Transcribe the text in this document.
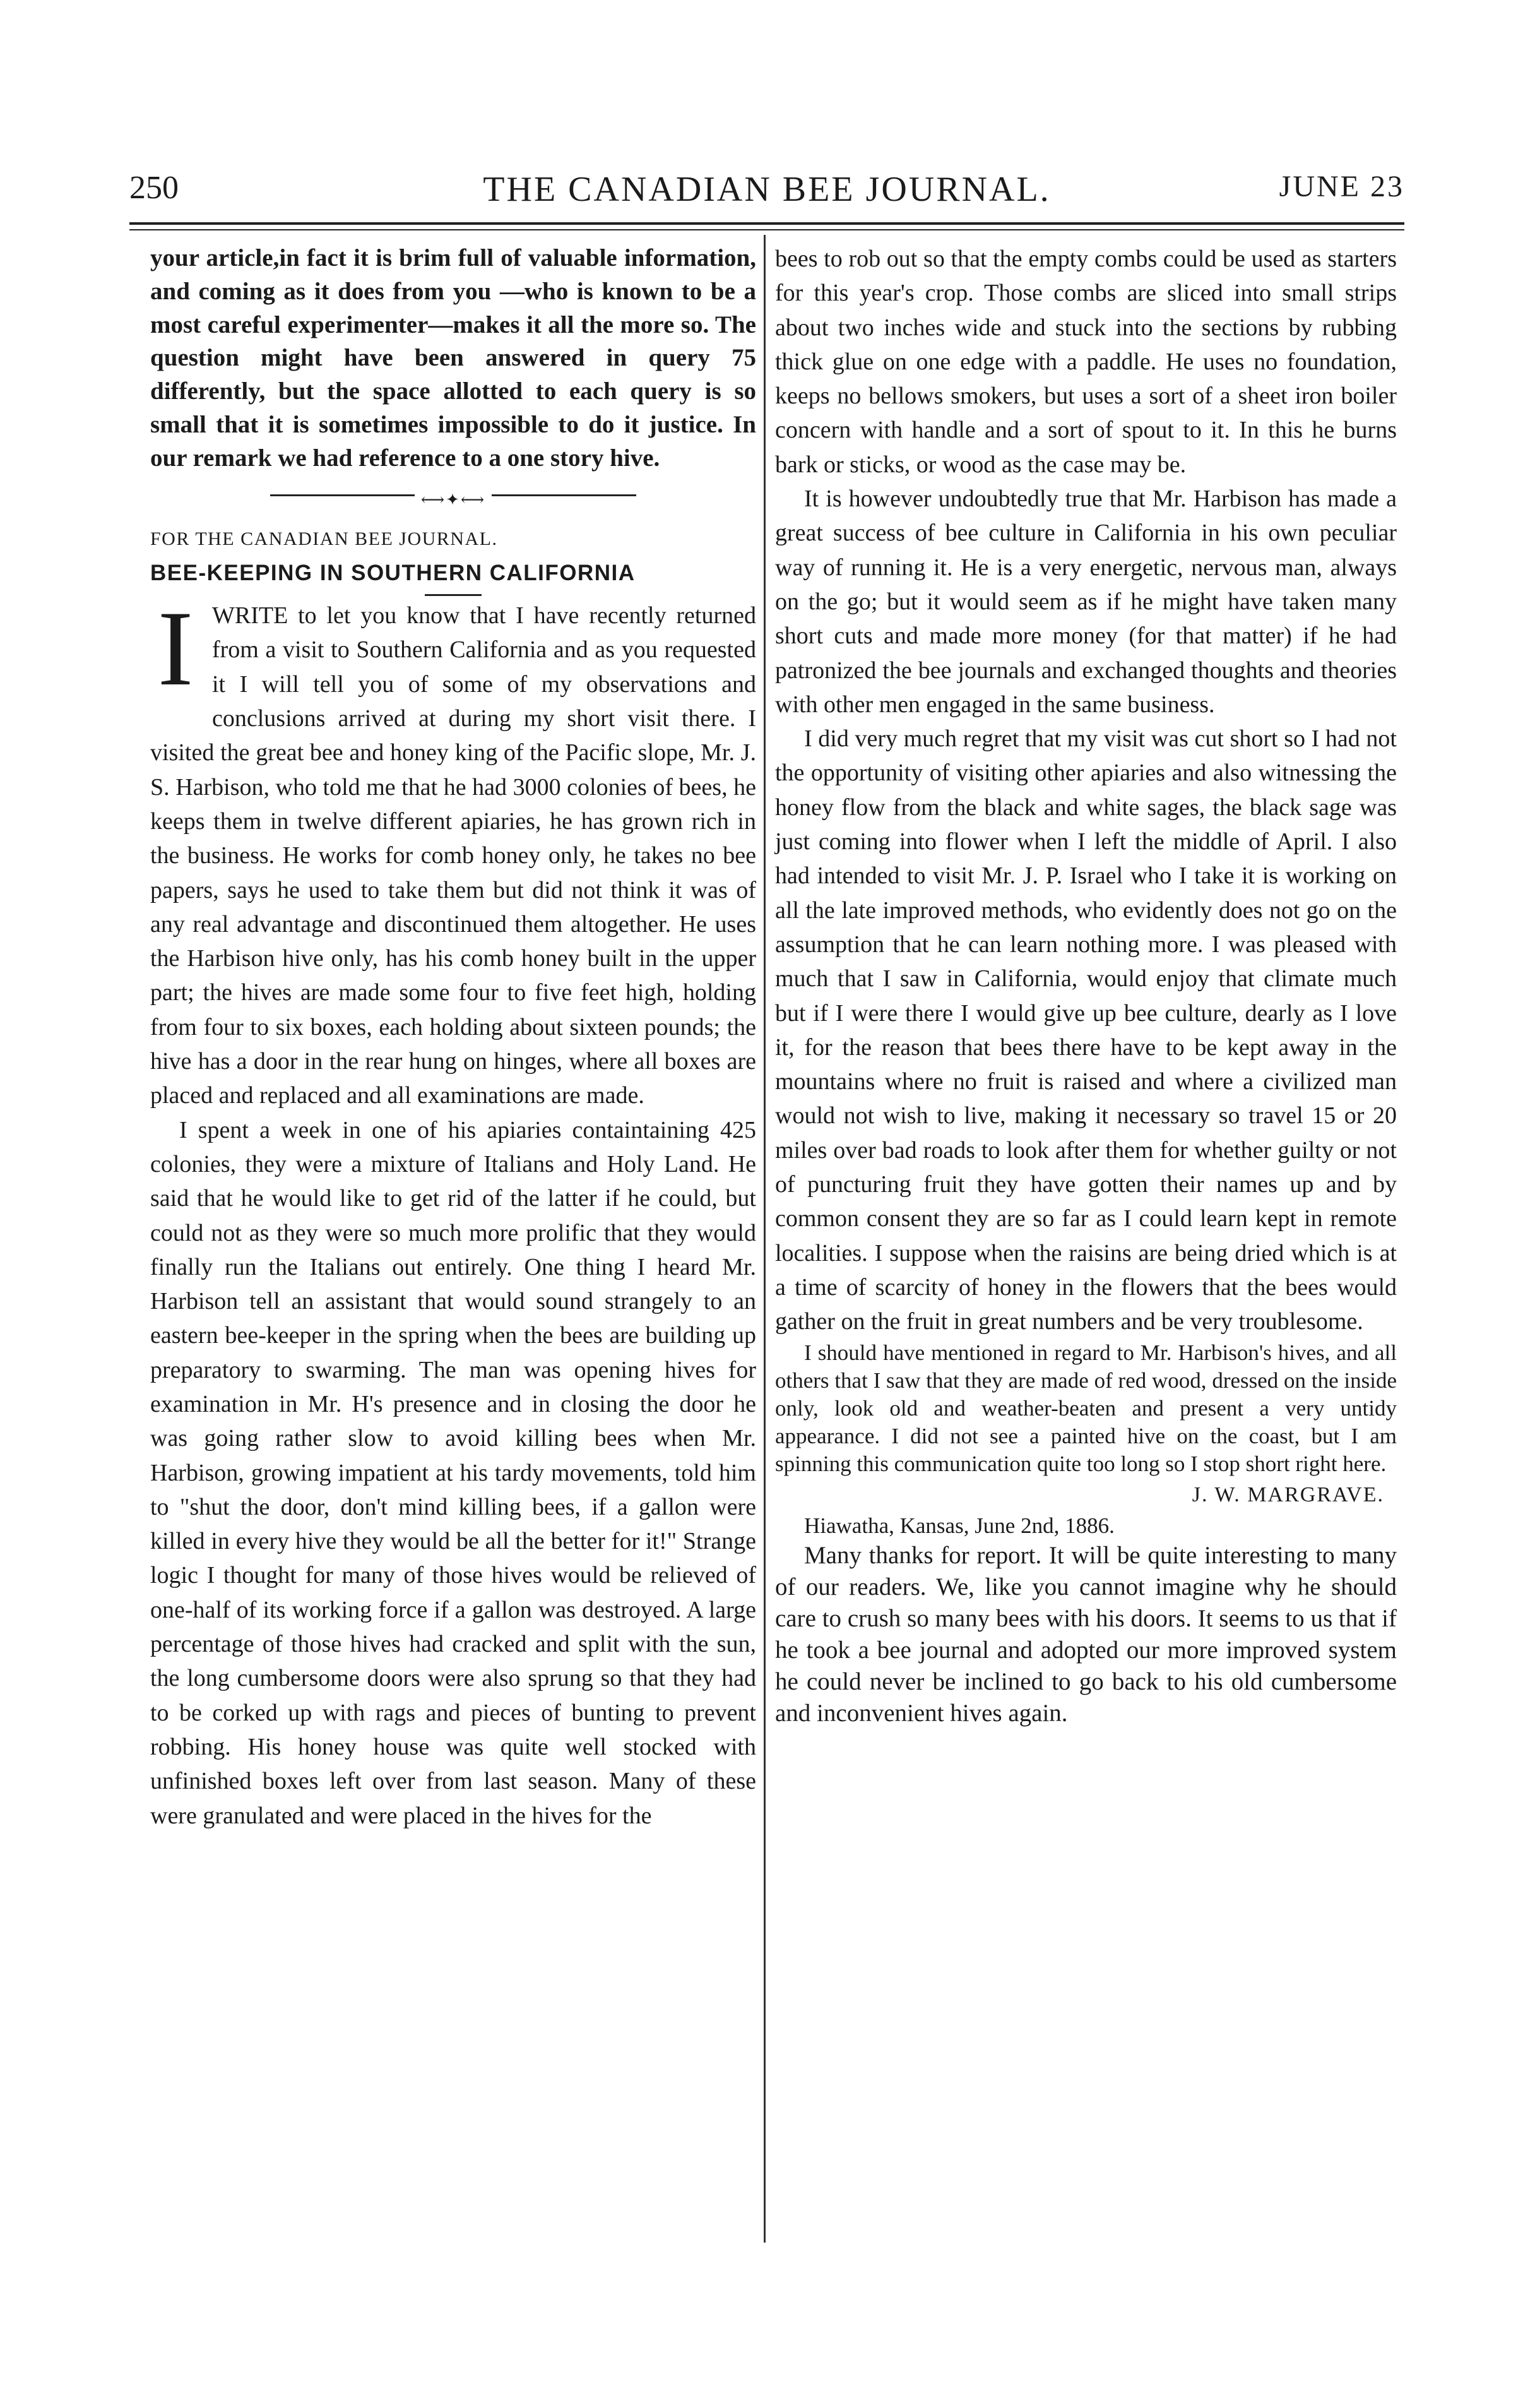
250	THE CANADIAN BEE JOURNAL.	JUNE 23

your article,in fact it is brim full of valuable information, and coming as it does from you —who is known to be a most careful experimenter—makes it all the more so. The question might have been answered in query 75 differently, but the space allotted to each query is so small that it is sometimes impossible to do it justice. In our remark we had reference to a one story hive.

$_{⟷✦⟷}$
FOR THE CANADIAN BEE JOURNAL.
BEE-KEEPING IN SOUTHERN CALIFORNIA

IWRITE to let you know that I have recently returned from a visit to Southern California and as you requested it I will tell you of some of my observations and conclusions arrived at during my short visit there. I visited the great bee and honey king of the Pacific slope, Mr. J. S. Harbison, who told me that he had 3000 colonies of bees, he keeps them in twelve different apiaries, he has grown rich in the business. He works for comb honey only, he takes no bee papers, says he used to take them but did not think it was of any real advantage and discontinued them altogether. He uses the Harbison hive only, has his comb honey built in the upper part; the hives are made some four to five feet high, holding from four to six boxes, each holding about sixteen pounds; the hive has a door in the rear hung on hinges, where all boxes are placed and replaced and all examinations are made.

I spent a week in one of his apiaries containtaining 425 colonies, they were a mixture of Italians and Holy Land. He said that he would like to get rid of the latter if he could, but could not as they were so much more prolific that they would finally run the Italians out entirely. One thing I heard Mr. Harbison tell an assistant that would sound strangely to an eastern bee-keeper in the spring when the bees are building up preparatory to swarming. The man was opening hives for examination in Mr. H's presence and in closing the door he was going rather slow to avoid killing bees when Mr. Harbison, growing impatient at his tardy movements, told him to "shut the door, don't mind killing bees, if a gallon were killed in every hive they would be all the better for it!" Strange logic I thought for many of those hives would be relieved of one-half of its working force if a gallon was destroyed. A large percentage of those hives had cracked and split with the sun, the long cumbersome doors were also sprung so that they had to be corked up with rags and pieces of bunting to prevent robbing. His honey house was quite well stocked with unfinished boxes left over from last season. Many of these were granulated and were placed in the hives for the

bees to rob out so that the empty combs could be used as starters for this year's crop. Those combs are sliced into small strips about two inches wide and stuck into the sections by rubbing thick glue on one edge with a paddle. He uses no foundation, keeps no bellows smokers, but uses a sort of a sheet iron boiler concern with handle and a sort of spout to it. In this he burns bark or sticks, or wood as the case may be.

It is however undoubtedly true that Mr. Harbison has made a great success of bee culture in California in his own peculiar way of running it. He is a very energetic, nervous man, always on the go; but it would seem as if he might have taken many short cuts and made more money (for that matter) if he had patronized the bee journals and exchanged thoughts and theories with other men engaged in the same business.

I did very much regret that my visit was cut short so I had not the opportunity of visiting other apiaries and also witnessing the honey flow from the black and white sages, the black sage was just coming into flower when I left the middle of April. I also had intended to visit Mr. J. P. Israel who I take it is working on all the late improved methods, who evidently does not go on the assumption that he can learn nothing more. I was pleased with much that I saw in California, would enjoy that climate much but if I were there I would give up bee culture, dearly as I love it, for the reason that bees there have to be kept away in the mountains where no fruit is raised and where a civilized man would not wish to live, making it necessary so travel 15 or 20 miles over bad roads to look after them for whether guilty or not of puncturing fruit they have gotten their names up and by common consent they are so far as I could learn kept in remote localities. I suppose when the raisins are being dried which is at a time of scarcity of honey in the flowers that the bees would gather on the fruit in great numbers and be very troublesome.

I should have mentioned in regard to Mr. Harbison's hives, and all others that I saw that they are made of red wood, dressed on the inside only, look old and weather-beaten and present a very untidy appearance. I did not see a painted hive on the coast, but I am spinning this communication quite too long so I stop short right here.

J. W. MARGRAVE.

Hiawatha, Kansas, June 2nd, 1886.

Many thanks for report. It will be quite interesting to many of our readers. We, like you cannot imagine why he should care to crush so many bees with his doors. It seems to us that if he took a bee journal and adopted our more improved system he could never be inclined to go back to his old cumbersome and inconvenient hives again.
